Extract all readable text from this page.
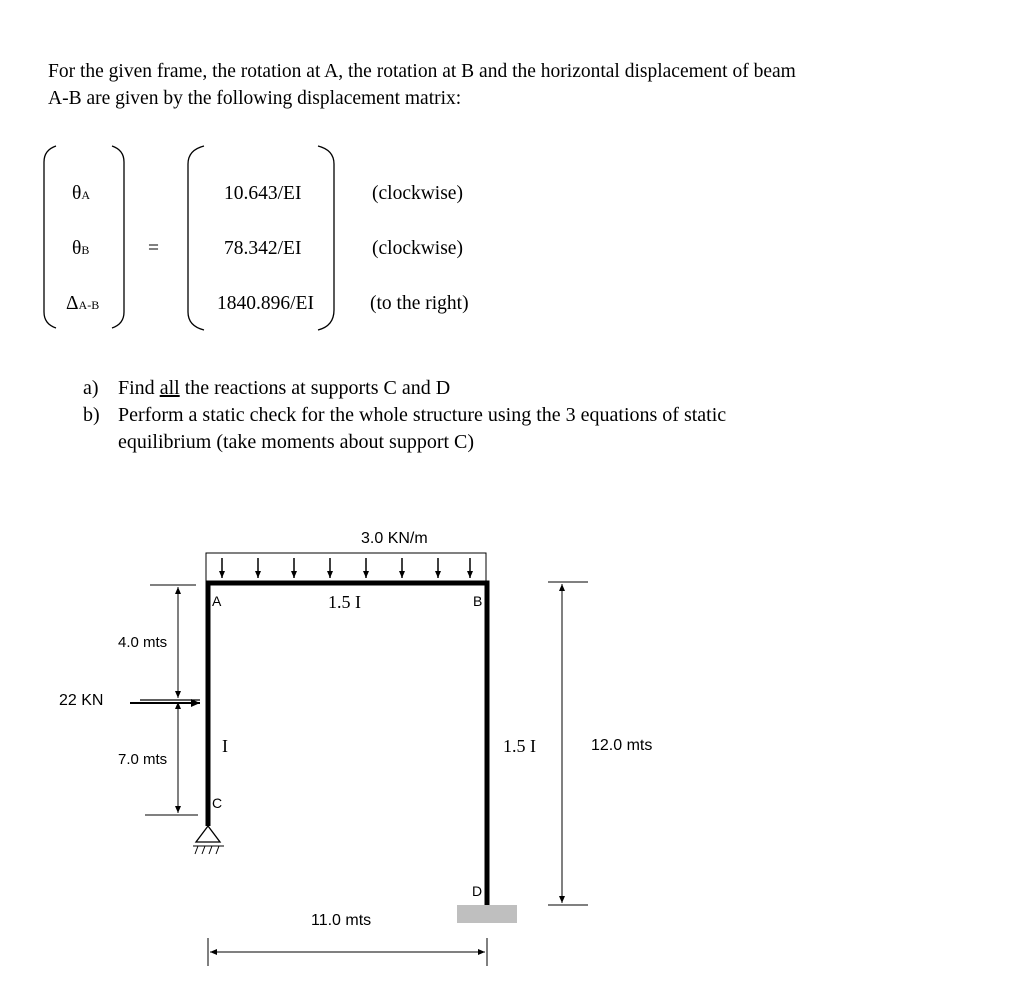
For the given frame, the rotation at A, the rotation at B and the horizontal displacement of beam
A-B are given by the following displacement matrix:
θA	10.643/EI	(clockwise)
θB	=	78.342/EI	(clockwise)
ΔA-B	1840.896/EI	(to the right)
a) Find all the reactions at supports C and D
b) Perform a static check for the whole structure using the 3 equations of static
equilibrium (take moments about support C)
3.0 KN/m
A	B
C
D
1.5 I
I	1.5 I
4.0 mts
7.0 mts
22 KN
12.0 mts
11.0 mts
